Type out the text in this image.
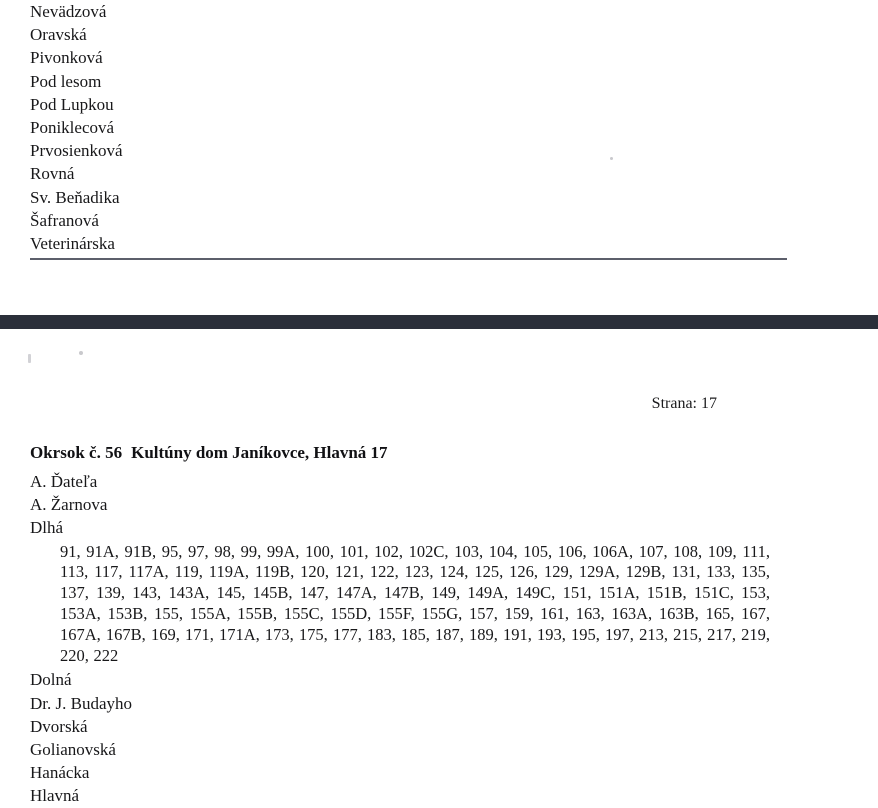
Nevädzová
Oravská
Pivonková
Pod lesom
Pod Lupkou
Poniklecová
Prvosienková
Rovná
Sv. Beňadika
Šafranová
Veterinárska
Strana: 17
Okrsok č. 56 Kultúny dom Janíkovce, Hlavná 17
A. Ďateľa
A. Žarnova
Dlhá
91, 91A, 91B, 95, 97, 98, 99, 99A, 100, 101, 102, 102C, 103, 104, 105, 106, 106A, 107, 108, 109, 111, 113, 117, 117A, 119, 119A, 119B, 120, 121, 122, 123, 124, 125, 126, 129, 129A, 129B, 131, 133, 135, 137, 139, 143, 143A, 145, 145B, 147, 147A, 147B, 149, 149A, 149C, 151, 151A, 151B, 151C, 153, 153A, 153B, 155, 155A, 155B, 155C, 155D, 155F, 155G, 157, 159, 161, 163, 163A, 163B, 165, 167, 167A, 167B, 169, 171, 171A, 173, 175, 177, 183, 185, 187, 189, 191, 193, 195, 197, 213, 215, 217, 219, 220, 222
Dolná
Dr. J. Budayho
Dvorská
Golianovská
Hanácka
Hlavná
